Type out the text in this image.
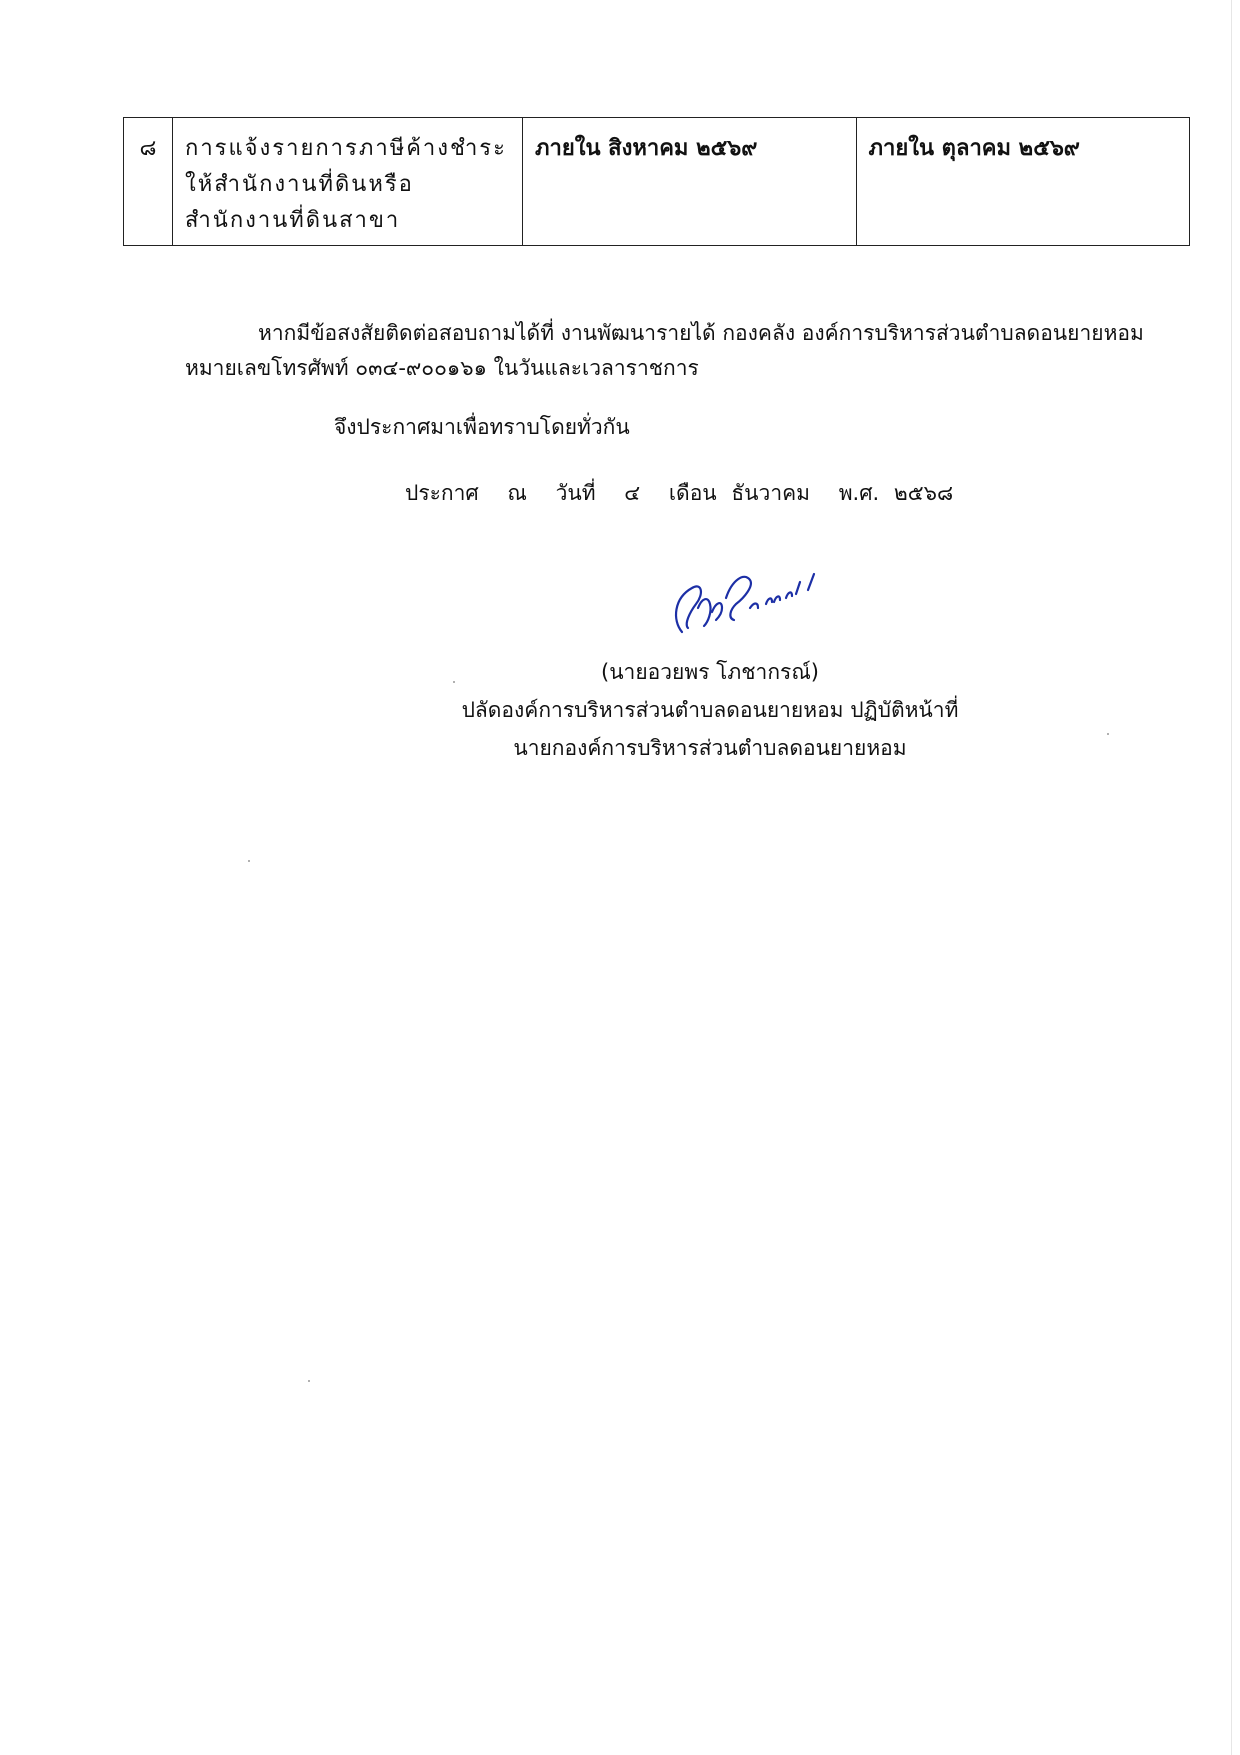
๘	การแจ้งรายการภาษีค้างชำระให้สำนักงานที่ดินหรือสำนักงานที่ดินสาขา	ภายใน สิงหาคม ๒๕๖๙	ภายใน ตุลาคม ๒๕๖๙
หากมีข้อสงสัยติดต่อสอบถามได้ที่ งานพัฒนารายได้ กองคลัง องค์การบริหารส่วนตำบลดอนยายหอม
หมายเลขโทรศัพท์ ๐๓๔-๙๐๐๑๖๑ ในวันและเวลาราชการ
จึงประกาศมาเพื่อทราบโดยทั่วกัน
ประกาศ ณ วันที่ ๔ เดือน ธันวาคม พ.ศ. ๒๕๖๘
(นายอวยพร โภชากรณ์)
ปลัดองค์การบริหารส่วนตำบลดอนยายหอม ปฏิบัติหน้าที่
นายกองค์การบริหารส่วนตำบลดอนยายหอม
